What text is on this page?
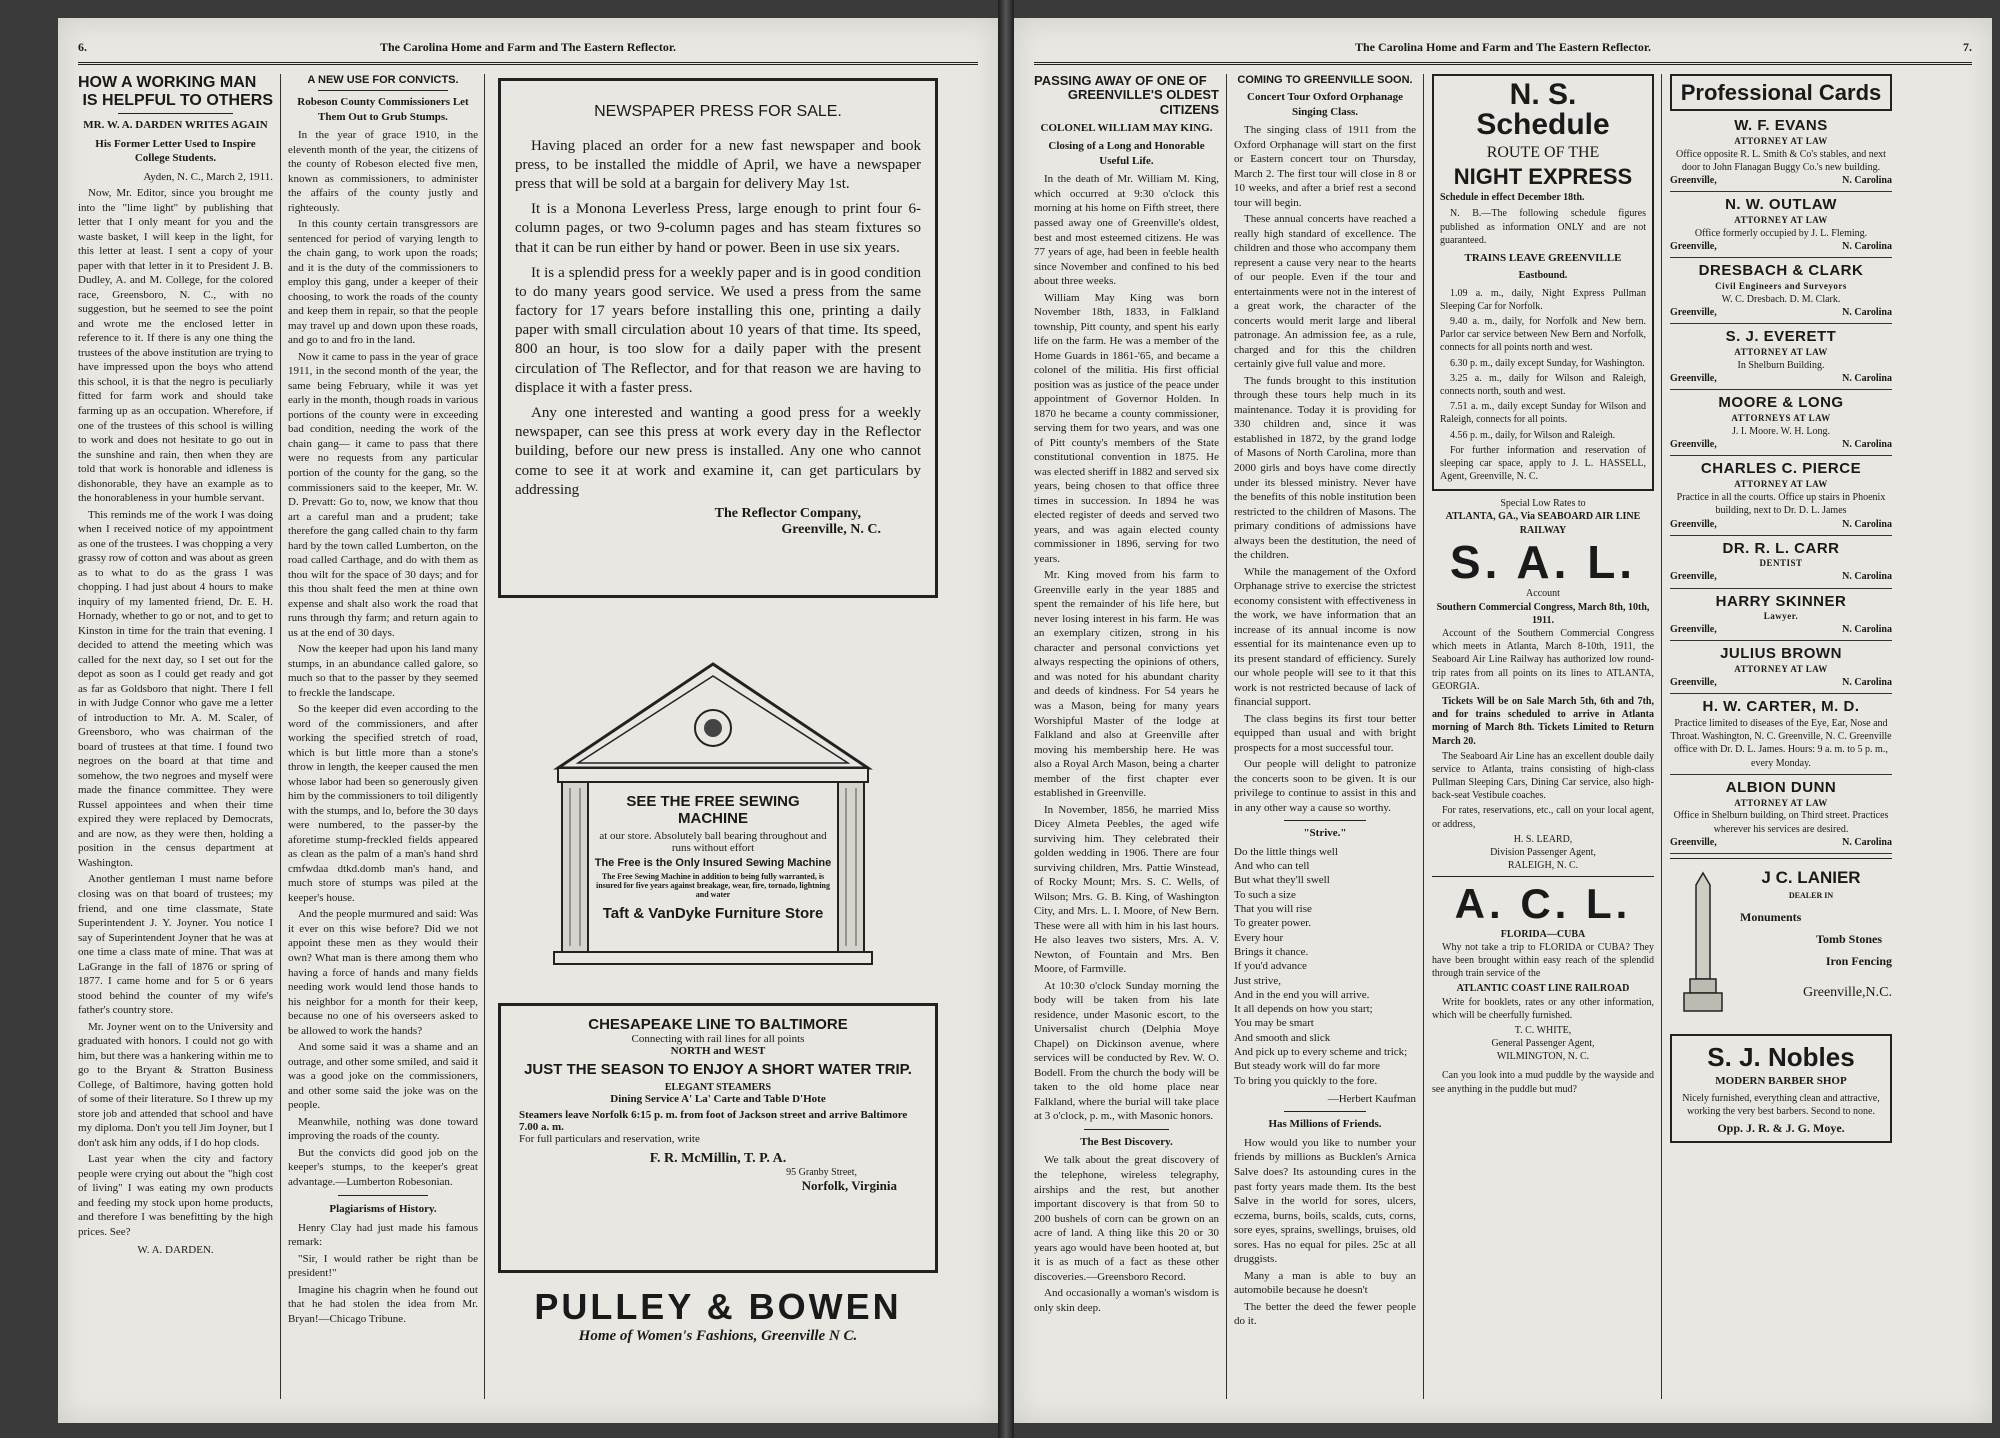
6.	The Carolina Home and Farm and The Eastern Reflector.
HOW A WORKING MAN
IS HELPFUL TO OTHERS
MR. W. A. DARDEN WRITES AGAIN
His Former Letter Used to Inspire College Students.

Ayden, N. C., March 2, 1911.

Now, Mr. Editor, since you brought me into the "lime light" by publishing that letter that I only meant for you and the waste basket, I will keep in the light, for this letter at least. I sent a copy of your paper with that letter in it to President J. B. Dudley, A. and M. College, for the colored race, Greensboro, N. C., with no suggestion, but he seemed to see the point and wrote me the enclosed letter in reference to it. If there is any one thing the trustees of the above institution are trying to have impressed upon the boys who attend this school, it is that the negro is peculiarly fitted for farm work and should take farming up as an occupation. Wherefore, if one of the trustees of this school is willing to work and does not hesitate to go out in the sunshine and rain, then when they are told that work is honorable and idleness is dishonorable, they have an example as to the honorableness in your humble servant.

This reminds me of the work I was doing when I received notice of my appointment as one of the trustees. I was chopping a very grassy row of cotton and was about as green as to what to do as the grass I was chopping. I had just about 4 hours to make inquiry of my lamented friend, Dr. E. H. Hornady, whether to go or not, and to get to Kinston in time for the train that evening. I decided to attend the meeting which was called for the next day, so I set out for the depot as soon as I could get ready and got as far as Goldsboro that night. There I fell in with Judge Connor who gave me a letter of introduction to Mr. A. M. Scaler, of Greensboro, who was chairman of the board of trustees at that time. I found two negroes on the board at that time and somehow, the two negroes and myself were made the finance committee. They were Russel appointees and when their time expired they were replaced by Democrats, and are now, as they were then, holding a position in the census department at Washington.

Another gentleman I must name before closing was on that board of trustees; my friend, and one time classmate, State Superintendent J. Y. Joyner. You notice I say of Superintendent Joyner that he was at one time a class mate of mine. That was at LaGrange in the fall of 1876 or spring of 1877. I came home and for 5 or 6 years stood behind the counter of my wife's father's country store.

Mr. Joyner went on to the University and graduated with honors. I could not go with him, but there was a hankering within me to go to the Bryant & Stratton Business College, of Baltimore, having gotten hold of some of their literature. So I threw up my store job and attended that school and have my diploma. Don't you tell Jim Joyner, but I don't ask him any odds, if I do hop clods.

Last year when the city and factory people were crying out about the "high cost of living" I was eating my own products and feeding my stock upon home products, and therefore I was benefitting by the high prices. See?

W. A. DARDEN.
A NEW USE FOR CONVICTS.
Robeson County Commissioners Let Them Out to Grub Stumps.

In the year of grace 1910, in the eleventh month of the year, the citizens of the county of Robeson elected five men, known as commissioners, to administer the affairs of the county justly and righteously.

In this county certain transgressors are sentenced for period of varying length to the chain gang, to work upon the roads; and it is the duty of the commissioners to employ this gang, under a keeper of their choosing, to work the roads of the county and keep them in repair, so that the people may travel up and down upon these roads, and go to and fro in the land.

Now it came to pass in the year of grace 1911, in the second month of the year, the same being February, while it was yet early in the month, though roads in various portions of the county were in exceeding bad condition, needing the work of the chain gang— it came to pass that there were no requests from any particular portion of the county for the gang, so the commissioners said to the keeper, Mr. W. D. Prevatt: Go to, now, we know that thou art a careful man and a prudent; take therefore the gang called chain to thy farm hard by the town called Lumberton, on the road called Carthage, and do with them as thou wilt for the space of 30 days; and for this thou shalt feed the men at thine own expense and shalt also work the road that runs through thy farm; and return again to us at the end of 30 days.

Now the keeper had upon his land many stumps, in an abundance called galore, so much so that to the passer by they seemed to freckle the landscape.

So the keeper did even according to the word of the commissioners, and after working the specified stretch of road, which is but little more than a stone's throw in length, the keeper caused the men whose labor had been so generously given him by the commissioners to toil diligently with the stumps, and lo, before the 30 days were numbered, to the passer-by the aforetime stump-freckled fields appeared as clean as the palm of a man's hand shrd cmfwdaa dtkd.domb man's hand, and much store of stumps was piled at the keeper's house.

And the people murmured and said: Was it ever on this wise before? Did we not appoint these men as they would their own? What man is there among them who having a force of hands and many fields needing work would lend those hands to his neighbor for a month for their keep, because no one of his overseers asked to be allowed to work the hands?

And some said it was a shame and an outrage, and other some smiled, and said it was a good joke on the commissioners, and other some said the joke was on the people.

Meanwhile, nothing was done toward improving the roads of the county.

But the convicts did good job on the keeper's stumps, to the keeper's great advantage.—Lumberton Robesonian.

Plagiarisms of History.

Henry Clay had just made his famous remark:

"Sir, I would rather be right than be president!"

Imagine his chagrin when he found out that he had stolen the idea from Mr. Bryan!—Chicago Tribune.

NEWSPAPER PRESS FOR SALE.

Having placed an order for a new fast newspaper and book press, to be installed the middle of April, we have a newspaper press that will be sold at a bargain for delivery May 1st.

It is a Monona Leverless Press, large enough to print four 6-column pages, or two 9-column pages and has steam fixtures so that it can be run either by hand or power. Been in use six years.

It is a splendid press for a weekly paper and is in good condition to do many years good service. We used a press from the same factory for 17 years before installing this one, printing a daily paper with small circulation about 10 years of that time. Its speed, 800 an hour, is too slow for a daily paper with the present circulation of The Reflector, and for that reason we are having to displace it with a faster press.

Any one interested and wanting a good press for a weekly newspaper, can see this press at work every day in the Reflector building, before our new press is installed. Any one who cannot come to see it at work and examine it, can get particulars by addressing

The Reflector Company,
Greenville, N. C.
SEE THE FREE SEWING MACHINE
at our store. Absolutely ball bearing throughout and runs without effort
The Free is the Only Insured Sewing Machine
The Free Sewing Machine in addition to being fully warranted, is insured for five years against breakage, wear, fire, tornado, lightning and water
Taft & VanDyke Furniture Store
CHESAPEAKE LINE TO BALTIMORE
Connecting with rail lines for all points
NORTH and WEST
JUST THE SEASON TO ENJOY A SHORT WATER TRIP.
ELEGANT STEAMERS
Dining Service A' La' Carte and Table D'Hote
Steamers leave Norfolk 6:15 p. m. from foot of Jackson street and arrive Baltimore 7.00 a. m.
For full particulars and reservation, write
F. R. McMillin, T. P. A.
95 Granby Street,
Norfolk, Virginia
PULLEY & BOWEN
Home of Women's Fashions, Greenville N C.
The Carolina Home and Farm and The Eastern Reflector.	7.
PASSING AWAY OF ONE OF
GREENVILLE'S OLDEST CITIZENS
COLONEL WILLIAM MAY KING.
Closing of a Long and Honorable Useful Life.

In the death of Mr. William M. King, which occurred at 9:30 o'clock this morning at his home on Fifth street, there passed away one of Greenville's oldest, best and most esteemed citizens. He was 77 years of age, had been in feeble health since November and confined to his bed about three weeks.

William May King was born November 18th, 1833, in Falkland township, Pitt county, and spent his early life on the farm. He was a member of the Home Guards in 1861-'65, and became a colonel of the militia. His first official position was as justice of the peace under appointment of Governor Holden. In 1870 he became a county commissioner, serving them for two years, and was one of Pitt county's members of the State constitutional convention in 1875. He was elected sheriff in 1882 and served six years, being chosen to that office three times in succession. In 1894 he was elected register of deeds and served two years, and was again elected county commissioner in 1896, serving for two years.

Mr. King moved from his farm to Greenville early in the year 1885 and spent the remainder of his life here, but never losing interest in his farm. He was an exemplary citizen, strong in his character and personal convictions yet always respecting the opinions of others, and was noted for his abundant charity and deeds of kindness. For 54 years he was a Mason, being for many years Worshipful Master of the lodge at Falkland and also at Greenville after moving his membership here. He was also a Royal Arch Mason, being a charter member of the first chapter ever established in Greenville.

In November, 1856, he married Miss Dicey Almeta Peebles, the aged wife surviving him. They celebrated their golden wedding in 1906. There are four surviving children, Mrs. Pattie Winstead, of Rocky Mount; Mrs. S. C. Wells, of Wilson; Mrs. G. B. King, of Washington City, and Mrs. L. I. Moore, of New Bern. These were all with him in his last hours. He also leaves two sisters, Mrs. A. V. Newton, of Fountain and Mrs. Ben Moore, of Farmville.

At 10:30 o'clock Sunday morning the body will be taken from his late residence, under Masonic escort, to the Universalist church (Delphia Moye Chapel) on Dickinson avenue, where services will be conducted by Rev. W. O. Bodell. From the church the body will be taken to the old home place near Falkland, where the burial will take place at 3 o'clock, p. m., with Masonic honors.

The Best Discovery.

We talk about the great discovery of the telephone, wireless telegraphy, airships and the rest, but another important discovery is that from 50 to 200 bushels of corn can be grown on an acre of land. A thing like this 20 or 30 years ago would have been hooted at, but it is as much of a fact as these other discoveries.—Greensboro Record.

And occasionally a woman's wisdom is only skin deep.

COMING TO GREENVILLE SOON.
Concert Tour Oxford Orphanage Singing Class.

The singing class of 1911 from the Oxford Orphanage will start on the first or Eastern concert tour on Thursday, March 2. The first tour will close in 8 or 10 weeks, and after a brief rest a second tour will begin.

These annual concerts have reached a really high standard of excellence. The children and those who accompany them represent a cause very near to the hearts of our people. Even if the tour and entertainments were not in the interest of a great work, the character of the concerts would merit large and liberal patronage. An admission fee, as a rule, charged and for this the children certainly give full value and more.

The funds brought to this institution through these tours help much in its maintenance. Today it is providing for 330 children and, since it was established in 1872, by the grand lodge of Masons of North Carolina, more than 2000 girls and boys have come directly under its blessed ministry. Never have the benefits of this noble institution been restricted to the children of Masons. The primary conditions of admissions have always been the destitution, the need of the children.

While the management of the Oxford Orphanage strive to exercise the strictest economy consistent with effectiveness in the work, we have information that an increase of its annual income is now essential for its maintenance even up to its present standard of efficiency. Surely our whole people will see to it that this work is not restricted because of lack of financial support.

The class begins its first tour better equipped than usual and with bright prospects for a most successful tour.

Our people will delight to patronize the concerts soon to be given. It is our privilege to continue to assist in this and in any other way a cause so worthy.

"Strive."
Do the little things well
And who can tell
But what they'll swell
To such a size
That you will rise
To greater power.
Every hour
Brings it chance.
If you'd advance
Just strive,
And in the end you will arrive.
It all depends on how you start;
You may be smart
And smooth and slick
And pick up to every scheme and trick;
But steady work will do far more
To bring you quickly to the fore.
—Herbert Kaufman
Has Millions of Friends.

How would you like to number your friends by millions as Bucklen's Arnica Salve does? Its astounding cures in the past forty years made them. Its the best Salve in the world for sores, ulcers, eczema, burns, boils, scalds, cuts, corns, sore eyes, sprains, swellings, bruises, old sores. Has no equal for piles. 25c at all druggists.

Many a man is able to buy an automobile because he doesn't

The better the deed the fewer people do it.

N. S. Schedule
ROUTE OF THE
NIGHT EXPRESS
Schedule in effect December 18th.

N. B.—The following schedule figures published as information ONLY and are not guaranteed.

TRAINS LEAVE GREENVILLE
Eastbound.

1.09 a. m., daily, Night Express Pullman Sleeping Car for Norfolk.

9.40 a. m., daily, for Norfolk and New bern. Parlor car service between New Bern and Norfolk, connects for all points north and west.

6.30 p. m., daily except Sunday, for Washington.

3.25 a. m., daily for Wilson and Raleigh, connects north, south and west.

7.51 a. m., daily except Sunday for Wilson and Raleigh, connects for all points.

4.56 p. m., daily, for Wilson and Raleigh.

For further information and reservation of sleeping car space, apply to J. L. HASSELL, Agent, Greenville, N. C.

Special Low Rates to
ATLANTA, GA., Via SEABOARD AIR LINE RAILWAY
S. A. L.
Account
Southern Commercial Congress, March 8th, 10th, 1911.

Account of the Southern Commercial Congress which meets in Atlanta, March 8-10th, 1911, the Seaboard Air Line Railway has authorized low round-trip rates from all points on its lines to ATLANTA, GEORGIA.

Tickets Will be on Sale March 5th, 6th and 7th, and for trains scheduled to arrive in Atlanta morning of March 8th. Tickets Limited to Return March 20.

The Seaboard Air Line has an excellent double daily service to Atlanta, trains consisting of high-class Pullman Sleeping Cars, Dining Car service, also high-back-seat Vestibule coaches.

For rates, reservations, etc., call on your local agent, or address,

H. S. LEARD,
Division Passenger Agent,
RALEIGH, N. C.
A. C. L.
FLORIDA—CUBA

Why not take a trip to FLORIDA or CUBA? They have been brought within easy reach of the splendid through train service of the

ATLANTIC COAST LINE RAILROAD

Write for booklets, rates or any other information, which will be cheerfully furnished.

T. C. WHITE,
General Passenger Agent,
WILMINGTON, N. C.

Can you look into a mud puddle by the wayside and see anything in the puddle but mud?

Professional Cards
W. F. EVANS
ATTORNEY AT LAW
Office opposite R. L. Smith & Co's stables, and next door to John Flanagan Buggy Co.'s new building.
Greenville,	N. Carolina
N. W. OUTLAW
ATTORNEY AT LAW
Office formerly occupied by J. L. Fleming.
Greenville,	N. Carolina
DRESBACH & CLARK
Civil Engineers and Surveyors
W. C. Dresbach. D. M. Clark.
Greenville,	N. Carolina
S. J. EVERETT
ATTORNEY AT LAW
In Shelburn Building.
Greenville,	N. Carolina
MOORE & LONG
ATTORNEYS AT LAW
J. I. Moore. W. H. Long.
Greenville,	N. Carolina
CHARLES C. PIERCE
ATTORNEY AT LAW
Practice in all the courts. Office up stairs in Phoenix building, next to Dr. D. L. James
Greenville,	N. Carolina
DR. R. L. CARR
DENTIST
Greenville,	N. Carolina
HARRY SKINNER
Lawyer.
Greenville,	N. Carolina
JULIUS BROWN
ATTORNEY AT LAW
Greenville,	N. Carolina
H. W. CARTER, M. D.
Practice limited to diseases of the Eye, Ear, Nose and Throat. Washington, N. C. Greenville, N. C. Greenville office with Dr. D. L. James. Hours: 9 a. m. to 5 p. m., every Monday.
ALBION DUNN
ATTORNEY AT LAW
Office in Shelburn building, on Third street. Practices wherever his services are desired.
Greenville,	N. Carolina
J C. LANIER
DEALER IN
Monuments
Tomb Stones
Iron Fencing
Greenville,N.C.
S. J. Nobles
MODERN BARBER SHOP
Nicely furnished, everything clean and attractive, working the very best barbers. Second to none.
Opp. J. R. & J. G. Moye.
